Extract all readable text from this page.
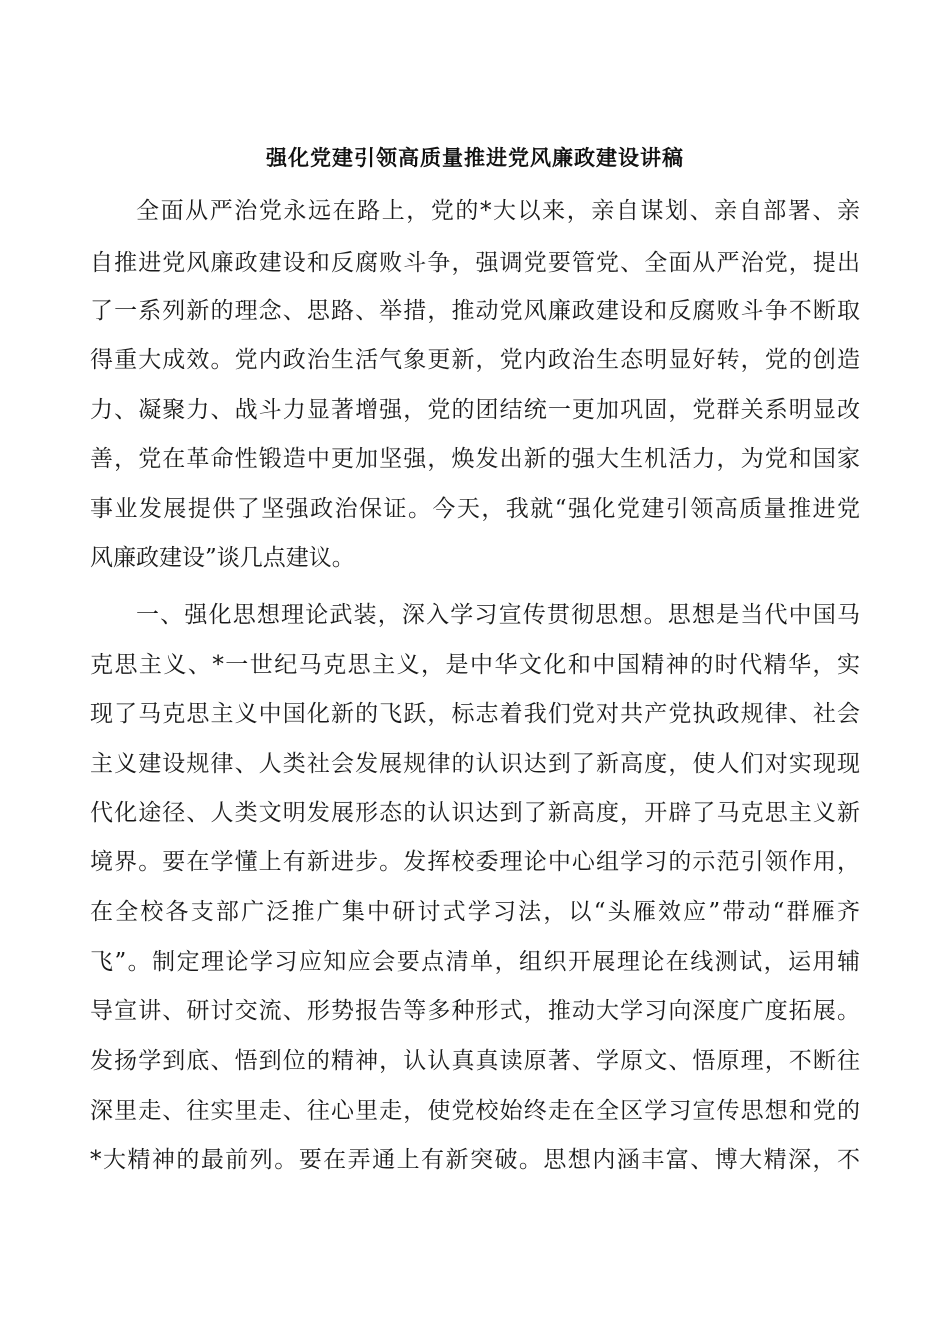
强化党建引领高质量推进党风廉政建设讲稿
全面从严治党永远在路上，党的*大以来，亲自谋划、亲自部署、亲
自推进党风廉政建设和反腐败斗争，强调党要管党、全面从严治党，提出
了一系列新的理念、思路、举措，推动党风廉政建设和反腐败斗争不断取
得重大成效。党内政治生活气象更新，党内政治生态明显好转，党的创造
力、凝聚力、战斗力显著增强，党的团结统一更加巩固，党群关系明显改
善，党在革命性锻造中更加坚强，焕发出新的强大生机活力，为党和国家
事业发展提供了坚强政治保证。今天，我就“强化党建引领高质量推进党
风廉政建设”谈几点建议。
一、强化思想理论武装，深入学习宣传贯彻思想。思想是当代中国马
克思主义、*一世纪马克思主义，是中华文化和中国精神的时代精华，实
现了马克思主义中国化新的飞跃，标志着我们党对共产党执政规律、社会
主义建设规律、人类社会发展规律的认识达到了新高度，使人们对实现现
代化途径、人类文明发展形态的认识达到了新高度，开辟了马克思主义新
境界。要在学懂上有新进步。发挥校委理论中心组学习的示范引领作用，
在全校各支部广泛推广集中研讨式学习法，以“头雁效应”带动“群雁齐
飞”。制定理论学习应知应会要点清单，组织开展理论在线测试，运用辅
导宣讲、研讨交流、形势报告等多种形式，推动大学习向深度广度拓展。
发扬学到底、悟到位的精神，认认真真读原著、学原文、悟原理，不断往
深里走、往实里走、往心里走，使党校始终走在全区学习宣传思想和党的
*大精神的最前列。要在弄通上有新突破。思想内涵丰富、博大精深，不
